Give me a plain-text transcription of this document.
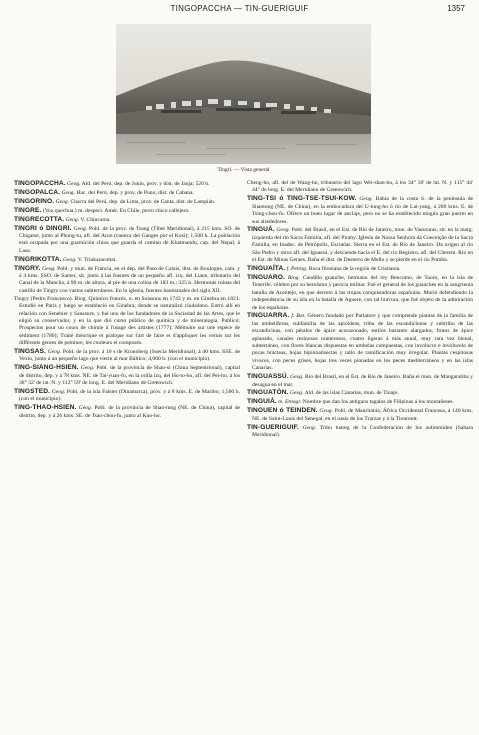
TINGOPACCHA — TIN-GUERIGUIF	1357
Tingri. — Vista general

TINGOPACCHA. Geog. Ald. del Perú, dep. de Junín, prov. y dist. de Jauja; 520 h.

TINGOPALCA. Geog. Hac. del Perú, dep. y prov. de Puno, dist. de Cabana.

TINGORINO. Geog. Chacra del Perú, dep. de Lima, prov. de Canta, dist. de Lampián.

TINGRE. (Voz quechua.) m. despect. Amér. En Chile, perro chico callejero.

TINGRECOTTA. Geog. V. Chincama.

TINGRI ó DINGRI. Geog. Pobl. de la prov. de Tsang (Tíbet Meridional), á 215 kms. SO. de Chigatsé, junto al Phung-tu, afl. del Arun (cuenca del Ganges por el Kosi); 1,500 h. La población está ocupada por una guarnición china que guarda el camino de Khatmandu, cap. del Nepal, á Lasa.

TINGRIKOTTA. Geog. V. Trinkaracottai.

TINGRY. Geog. Pobl. y mun. de Francia, en el dep. del Paso de Calais, dist. de Boulogne, cant. y á 4 kms. SSO. de Samer, sit. junto á las fuentes de un pequeño afl. izq. del Liane, tributario del Canal de la Mancha, á 90 m. de altura, al pie de una colina de 183 m.; 325 h. Hermosas ruinas del castillo de Tingry con vastos subterráneos. En la iglesia, fuentes bautismales del siglo XII.

Tingry (Pedro Francesco). Biog. Químico francés, n. en Soissons en 1743 y m. en Ginebra en 1821. Estudió en París y luego se estableció en Ginebra, donde se naturalizó ciudadano. Entró allí en relación con Senebier y Saussure, y fué uno de los fundadores de la Sociedad de las Artes, que le eligió su conservador, y en la que dió curso público de química y de mineralogía. Publicó: Prospectus pour un cours de chimie à l'usage des artistes (1777); Mémoire sur une espèce de sédiment (1780); Traité théorique et pratique sur l'art de faire et d'appliquer les vernis sur les différents genres de peinture, les couleurs et composés.

TINGSAS. Geog. Pobl. de la prov. á 10 s de Kronoberg (Suecia Meridional), á 40 kms. SSE. de Vexio, junto á un pequeño lago que vierte al mar Báltico; 4,000 h. (con el municipio).

TING-SIANG-HSIEN. Geog. Pobl. de la provincia de Shan-si (China Septentrional), capital de distrito, dep. y á 78 kms. NE. de Tai-yuan-fu, en la orilla izq. del Hu-to-ho, afl. del Pei-ho, á los 38° 32' de lat. N. y 112° 59' de long. E. del Meridiano de Greenwich.

TINGSTED. Geog. Pobl. de la isla Falster (Dinamarca), prov. y á 8 kms. E. de Maribo; 1,500 h. (con el municipio).

TING-THAO-HSIEN. Geog. Pobl. de la provincia de Shan-tung (NE. de China), capital de distrito, dep. y á 26 kms. SE. de Tsao-chou-fu, junto al Kuo-ho.

Cheng-ho, afl. del de Wang-ho, tributario del lago Wei-shan-hu, á los 34° 50' de lat. N. y 115° 44' 44" de long. E. del Meridiano de Greenwich.

TING-TSI ó TING-TSE-TSUI-KOW. Geog. Bahía de la costa S. de la península de Shantung (NE. de China), en la embocadura del U-lung-ho ó río de Lai-yang, á 200 kms. E. de Tsing-chou-fu. Ofrece un buen lugar de anclaje, pero no se ha establecido ningún gran puerto en sus alrededores.

TINGUÁ. Geog. Pobl. del Brasil, en el Est. de Río de Janeiro, mun. de Vassouras, sit. en la marg. izquierda del río Sacra Familia, afl. del Pirahy. Iglesia de Nossa Senhora da Conceição de la Sacra Familia, en Inadec. de Petrópolis, Escuelas. Sierra en el Est. de Río de Janeiro. Da origen al río São Pedro y otros afl. del Iguassú, y desciende hacia el E. del río Registro, afl. del Cherem. Río en el Est. de Minas Geraes. Baña el dist. de Desterro de Mello y se pierde en el río Pomba.

TINGUAÍTA. f. Petrog. Roca filoniana de la región de Cristianía.

TINGUARO. Biog. Caudillo guanche, hermano del rey Bencomo, de Taoro, en la isla de Tenerife, célebre por su heroísmo y pericia militar. Fué el general de los guanches en la sangrienta batalla de Acentejo, en que derrotó á las tropas conquistadoras españolas. Murió defendiendo la independencia de su isla en la batalla de Aguere, con tal bravura, que fué objeto de la admiración de los españoles.

TINGUARRA. f. Bot. Género fundado por Parlatore y que comprende plantas de la familia de las umbelíferas, subfamilia de las apióideas, tribu de las escandicíneas y subtribu de las escandicinas, con pétalos de ápice acorazonado, estilos bastante alargados, frutos de ápice aplanado, canales resinosos numerosos, cuatro ligeras á más anual, muy rara vez bienal, subterráneo, con flores blancas dispuestas en umbelas compuestas, con involucro e involucelo de pocas brácteas, hojas bipinnatisectas y tallo de ramificación muy irregular. Plantas cespitosas vivaces, con peces grises, hojas tres veces pinnadas en los peces mediterráneos y en las islas Canarias.

TINGUASSÚ. Geog. Río del Brasil, en el Est. de Río de Janeiro. Baña el mun. de Mangaratiba y desagua en el mar.

TINGUATÓN. Geog. Ald. de las islas Canarias, mun. de Tinajo.

TINGUIÁ. m. Etnogr. Nombre que dan los antiguos tagalos de Filipinas á los montañeses.

TINGUEN ó TEINDEN. Geog. Pobl. de Mauritania, África Occidental Francesa, á 140 kms. NE. de Saint-Louis del Senegal, en el oasis de los Trarzas y á la Tiouroutt.

TIN-GUERIGUIF. Geog. Tribu tuareg de la Confederación de los aulimmiden (Sahara Meridional).
